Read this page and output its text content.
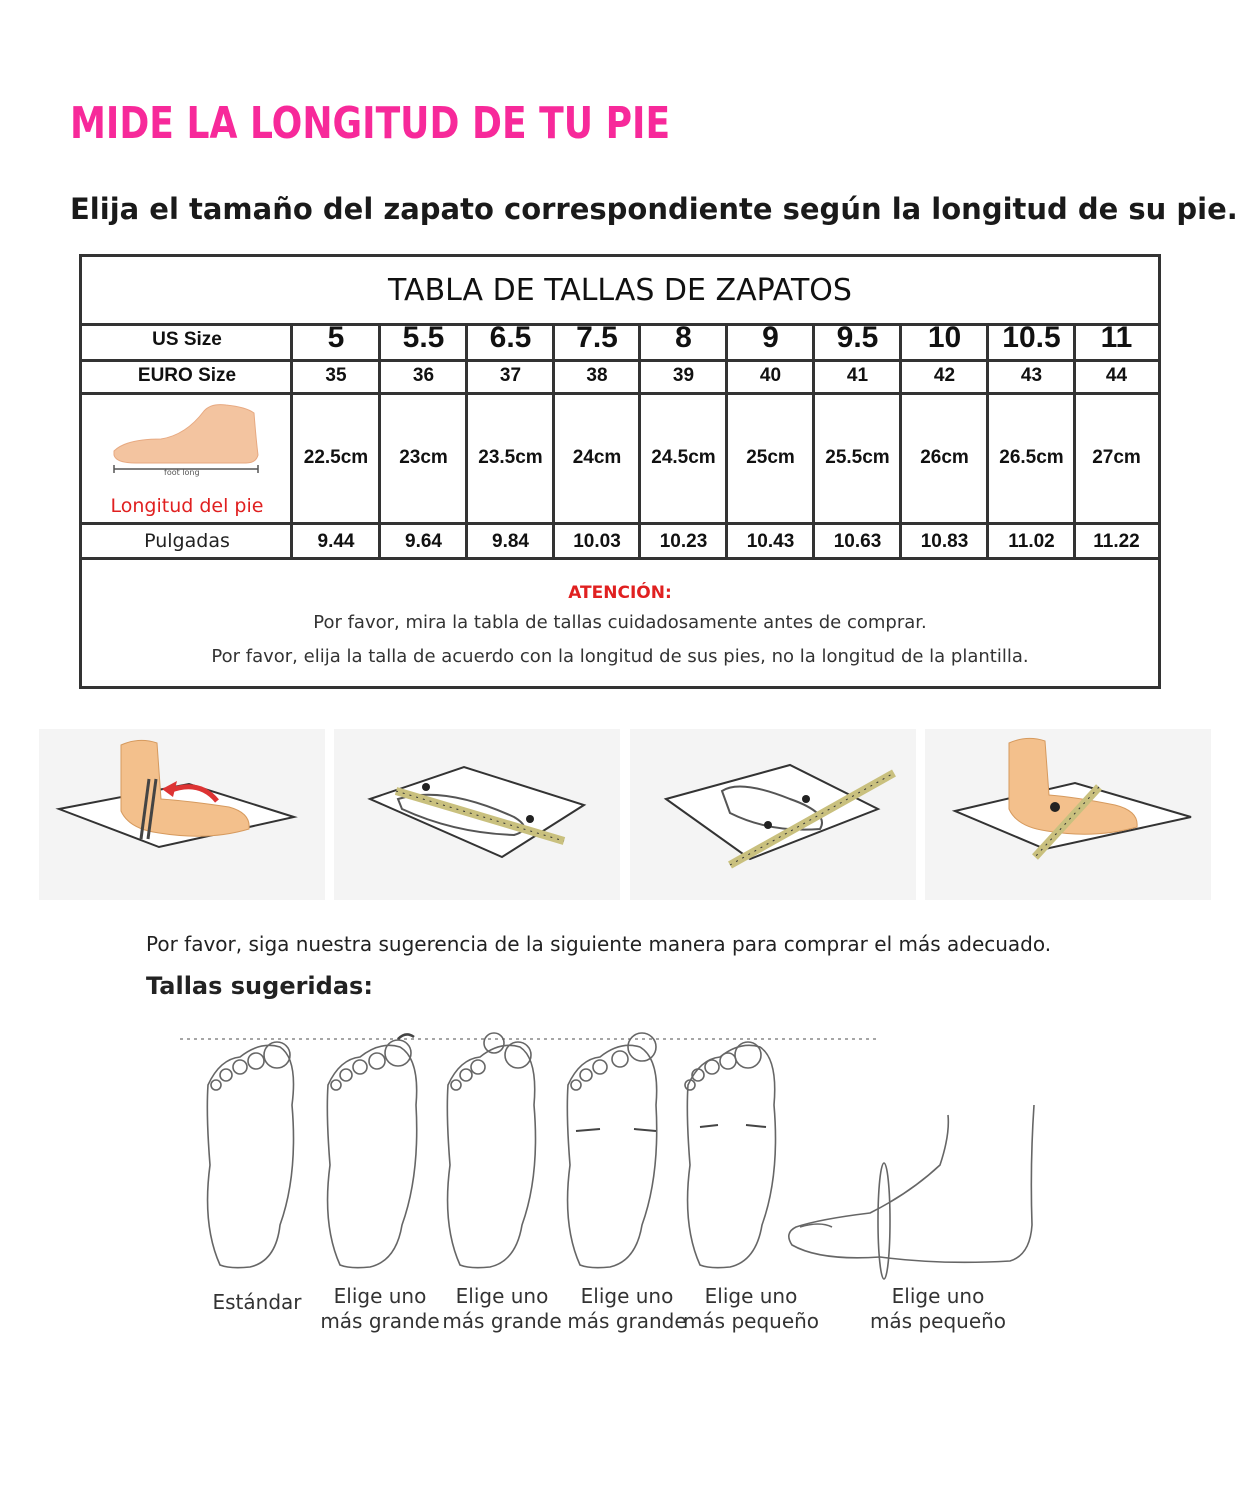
MIDE LA LONGITUD DE TU PIE
Elija el tamaño del zapato correspondiente según la longitud de su pie.
TABLA DE TALLAS DE ZAPATOS
US Size
EURO Size
foot long
Longitud del pie
Pulgadas
ATENCIÓN:
Por favor, mira la tabla de tallas cuidadosamente antes de comprar.
Por favor, elija la talla de acuerdo con la longitud de sus pies, no la longitud de la plantilla.
5
35
22.5cm
9.44
5.5
36
23cm
9.64
6.5
37
23.5cm
9.84
7.5
38
24cm
10.03
8
39
24.5cm
10.23
9
40
25cm
10.43
9.5
41
25.5cm
10.63
10
42
26cm
10.83
10.5
43
26.5cm
11.02
11
44
27cm
11.22
Por favor, siga nuestra sugerencia de la siguiente manera para comprar el más adecuado.
Tallas sugeridas:
Estándar	Elige uno
más grande
Elige uno
más grande
Elige uno
más grande
Elige uno
más pequeño
Elige uno
más pequeño
